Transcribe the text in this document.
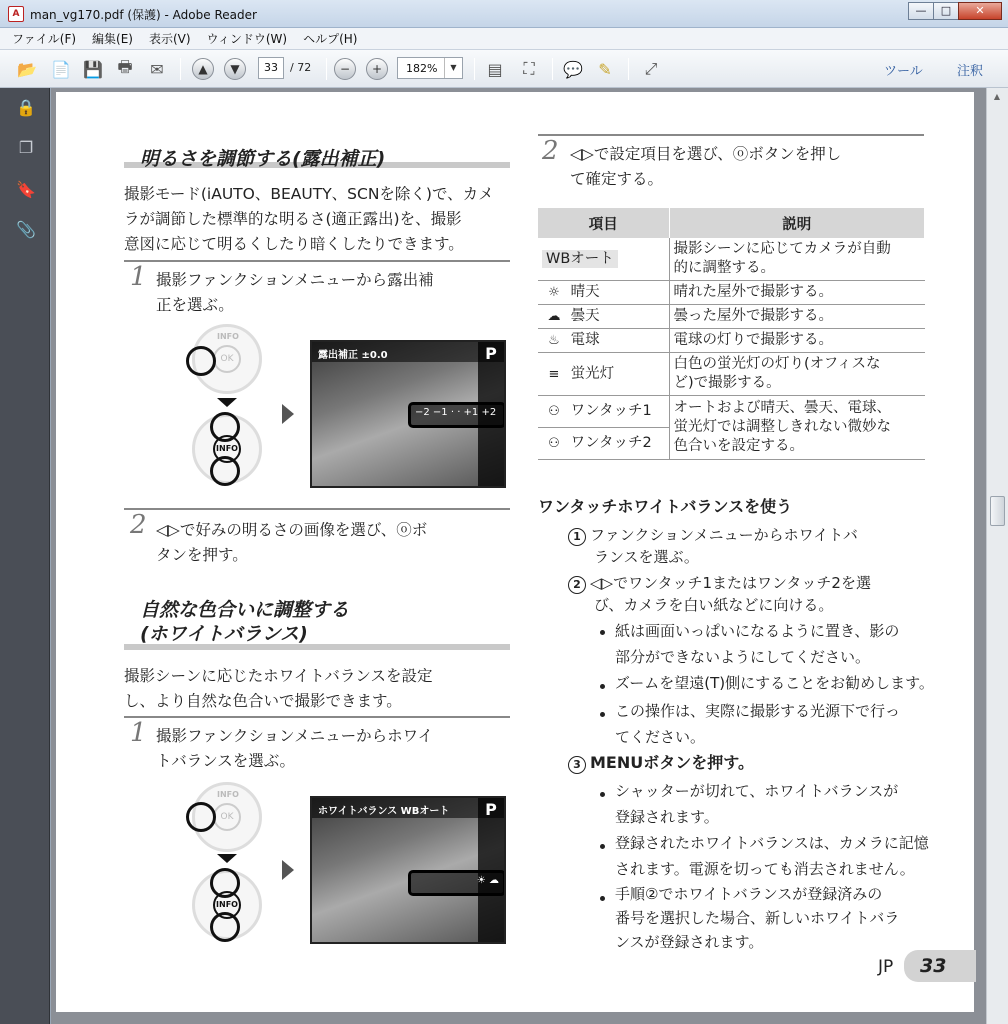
A man_vg170.pdf (保護) - Adobe Reader	—	□	✕
ファイル(F) 編集(E) 表示(V) ウィンドウ(W) ヘルプ(H)
📂 📄 💾 🖶	✉	▲	▼	−	+	▤	⛶	💬 ✎	⤢
33	/ 72	182%	▼	ツール	注釈
🔒
❐
🔖
📎
▲
明るさを調節する(露出補正)
撮影モード(iAUTO、BEAUTY、SCNを除く)で、カメ
ラが調節した標準的な明るさ(適正露出)を、撮影
意図に応じて明るくしたり暗くしたりできます。
1 撮影ファンクションメニューから露出補
正を選ぶ。
INFO
OK
INFO
露出補正 ±0.0	P
−2 −1 · · +1 +2
2 ◁▷で好みの明るさの画像を選び、ⓞボ
タンを押す。
自然な色合いに調整する
(ホワイトバランス)
撮影シーンに応じたホワイトバランスを設定
し、より自然な色合いで撮影できます。
1 撮影ファンクションメニューからホワイ
トバランスを選ぶ。
INFO
OK
INFO
ホワイトバランス WBオート	P
☀ ☁
2 ◁▷で設定項目を選び、ⓞボタンを押し
て確定する。
項目	説明
WBオート	撮影シーンに応じてカメラが自動
的に調整する。

☼ 晴天	晴れた屋外で撮影する。
☁ 曇天	曇った屋外で撮影する。
♨ 電球	電球の灯りで撮影する。
≡ 蛍光灯	白色の蛍光灯の灯り(オフィスな
ど)で撮影する。

⚇ ワンタッチ1	オートおよび晴天、曇天、電球、
蛍光灯では調整しきれない微妙な
色合いを設定する。

⚇ ワンタッチ2	
ワンタッチホワイトバランスを使う
1 ファンクションメニューからホワイトバ
ランスを選ぶ。
2 ◁▷でワンタッチ1またはワンタッチ2を選
び、カメラを白い紙などに向ける。
紙は画面いっぱいになるように置き、影の
部分ができないようにしてください。
ズームを望遠(T)側にすることをお勧めします。
この操作は、実際に撮影する光源下で行っ
てください。
3 MENUボタンを押す。
シャッターが切れて、ホワイトバランスが
登録されます。
登録されたホワイトバランスは、カメラに記憶
されます。電源を切っても消去されません。
手順②でホワイトバランスが登録済みの
番号を選択した場合、新しいホワイトバラ
ンスが登録されます。
JP 33
